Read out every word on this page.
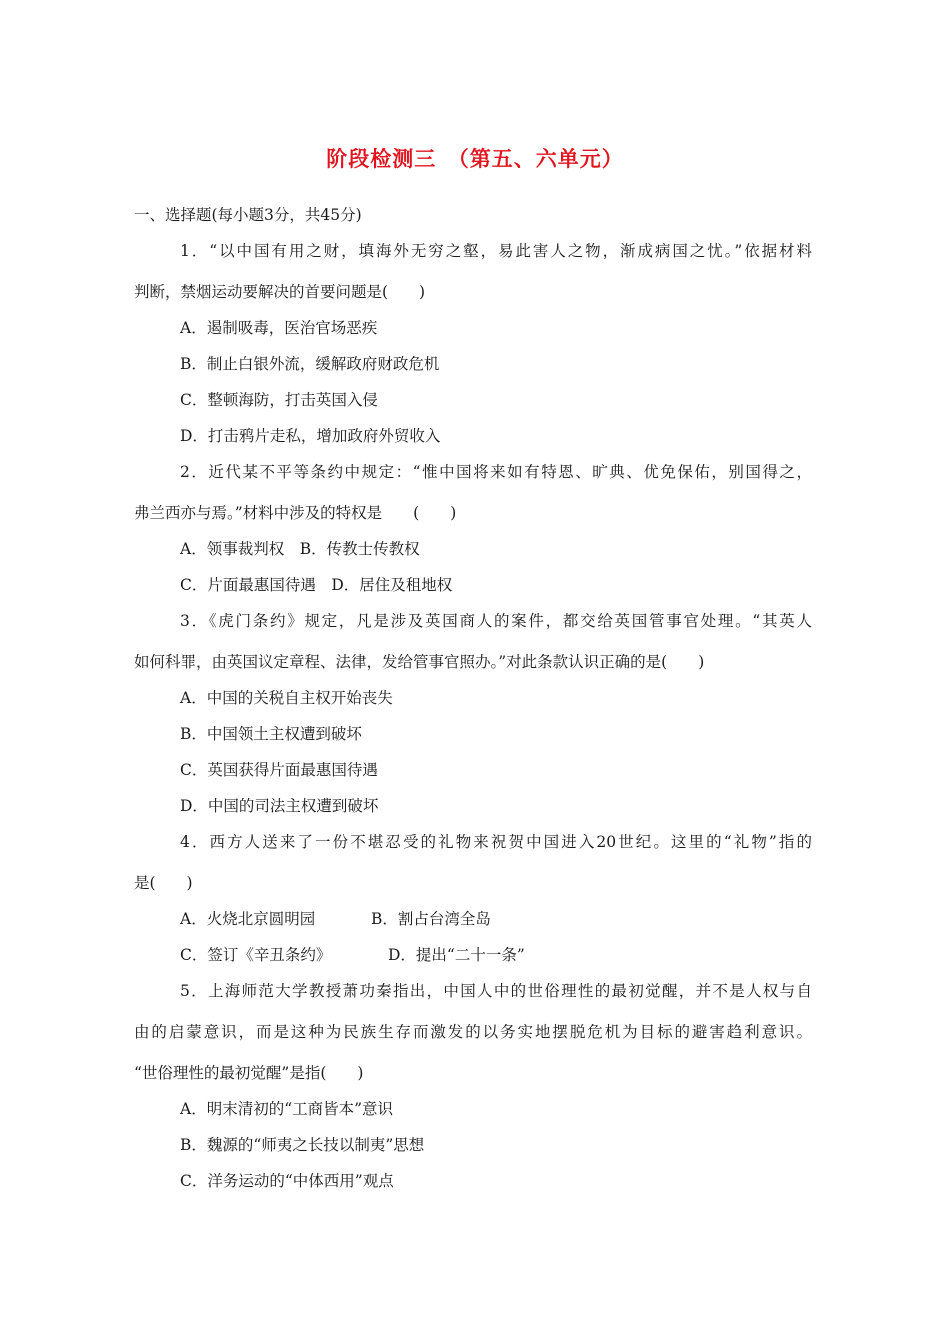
阶段检测三　（第五、六单元）

一、选择题(每小题3分，共45分)

1．“以中国有用之财，填海外无穷之壑，易此害人之物，渐成病国之忧。”依据材料

判断，禁烟运动要解决的首要问题是(　　)

A．遏制吸毒，医治官场恶疾

B．制止白银外流，缓解政府财政危机

C．整顿海防，打击英国入侵

D．打击鸦片走私，增加政府外贸收入

2．近代某不平等条约中规定：“惟中国将来如有特恩、旷典、优免保佑，别国得之，

弗兰西亦与焉。”材料中涉及的特权是　　(　　)

A．领事裁判权　B．传教士传教权

C．片面最惠国待遇　D．居住及租地权

3．《虎门条约》规定，凡是涉及英国商人的案件，都交给英国管事官处理。“其英人

如何科罪，由英国议定章程、法律，发给管事官照办。”对此条款认识正确的是(　　)

A．中国的关税自主权开始丧失

B．中国领土主权遭到破坏

C．英国获得片面最惠国待遇

D．中国的司法主权遭到破坏

4．西方人送来了一份不堪忍受的礼物来祝贺中国进入20世纪。这里的“礼物”指的

是(　　)

A．火烧北京圆明园	B．割占台湾全岛

C．签订《辛丑条约》	D．提出“二十一条”

5．上海师范大学教授萧功秦指出，中国人中的世俗理性的最初觉醒，并不是人权与自

由的启蒙意识，而是这种为民族生存而激发的以务实地摆脱危机为目标的避害趋利意识。

“世俗理性的最初觉醒”是指(　　)

A．明末清初的“工商皆本”意识

B．魏源的“师夷之长技以制夷”思想

C．洋务运动的“中体西用”观点
